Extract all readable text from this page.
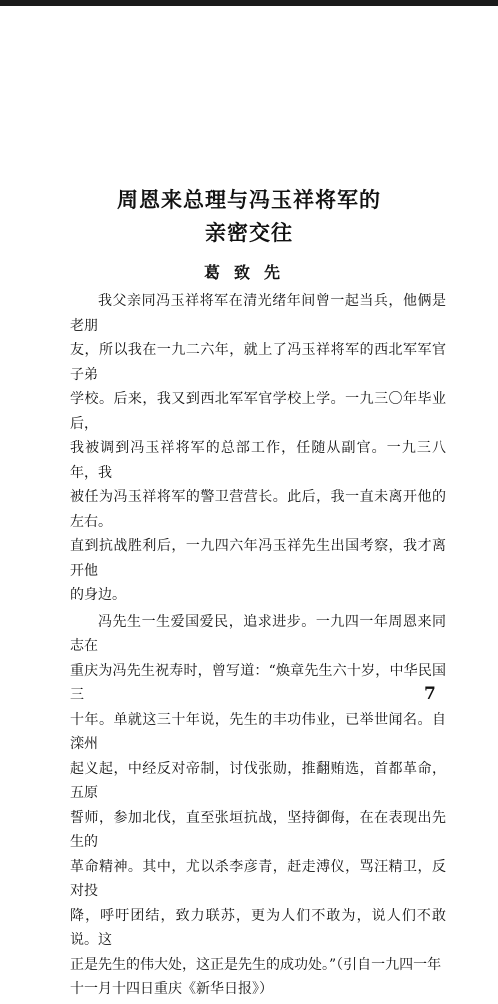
周恩来总理与冯玉祥将军的
亲密交往
葛致先

我父亲同冯玉祥将军在清光绪年间曾一起当兵，他俩是老朋
友，所以我在一九二六年，就上了冯玉祥将军的西北军军官子弟
学校。后来，我又到西北军军官学校上学。一九三〇年毕业后，
我被调到冯玉祥将军的总部工作，任随从副官。一九三八年，我
被任为冯玉祥将军的警卫营营长。此后，我一直未离开他的左右。
直到抗战胜利后，一九四六年冯玉祥先生出国考察，我才离开他
的身边。

冯先生一生爱国爱民，追求进步。一九四一年周恩来同志在
重庆为冯先生祝寿时，曾写道：“焕章先生六十岁，中华民国三
十年。单就这三十年说，先生的丰功伟业，已举世闻名。自滦州
起义起，中经反对帝制，讨伐张勋，推翻贿选，首都革命，五原
誓师，参加北伐，直至张垣抗战，坚持御侮，在在表现出先生的
革命精神。其中，尤以杀李彦青，赶走溥仪，骂汪精卫，反对投
降，呼吁团结，致力联苏，更为人们不敢为，说人们不敢说。这
正是先生的伟大处，这正是先生的成功处。”（引自一九四一年
十一月十四日重庆《新华日报》）

7
